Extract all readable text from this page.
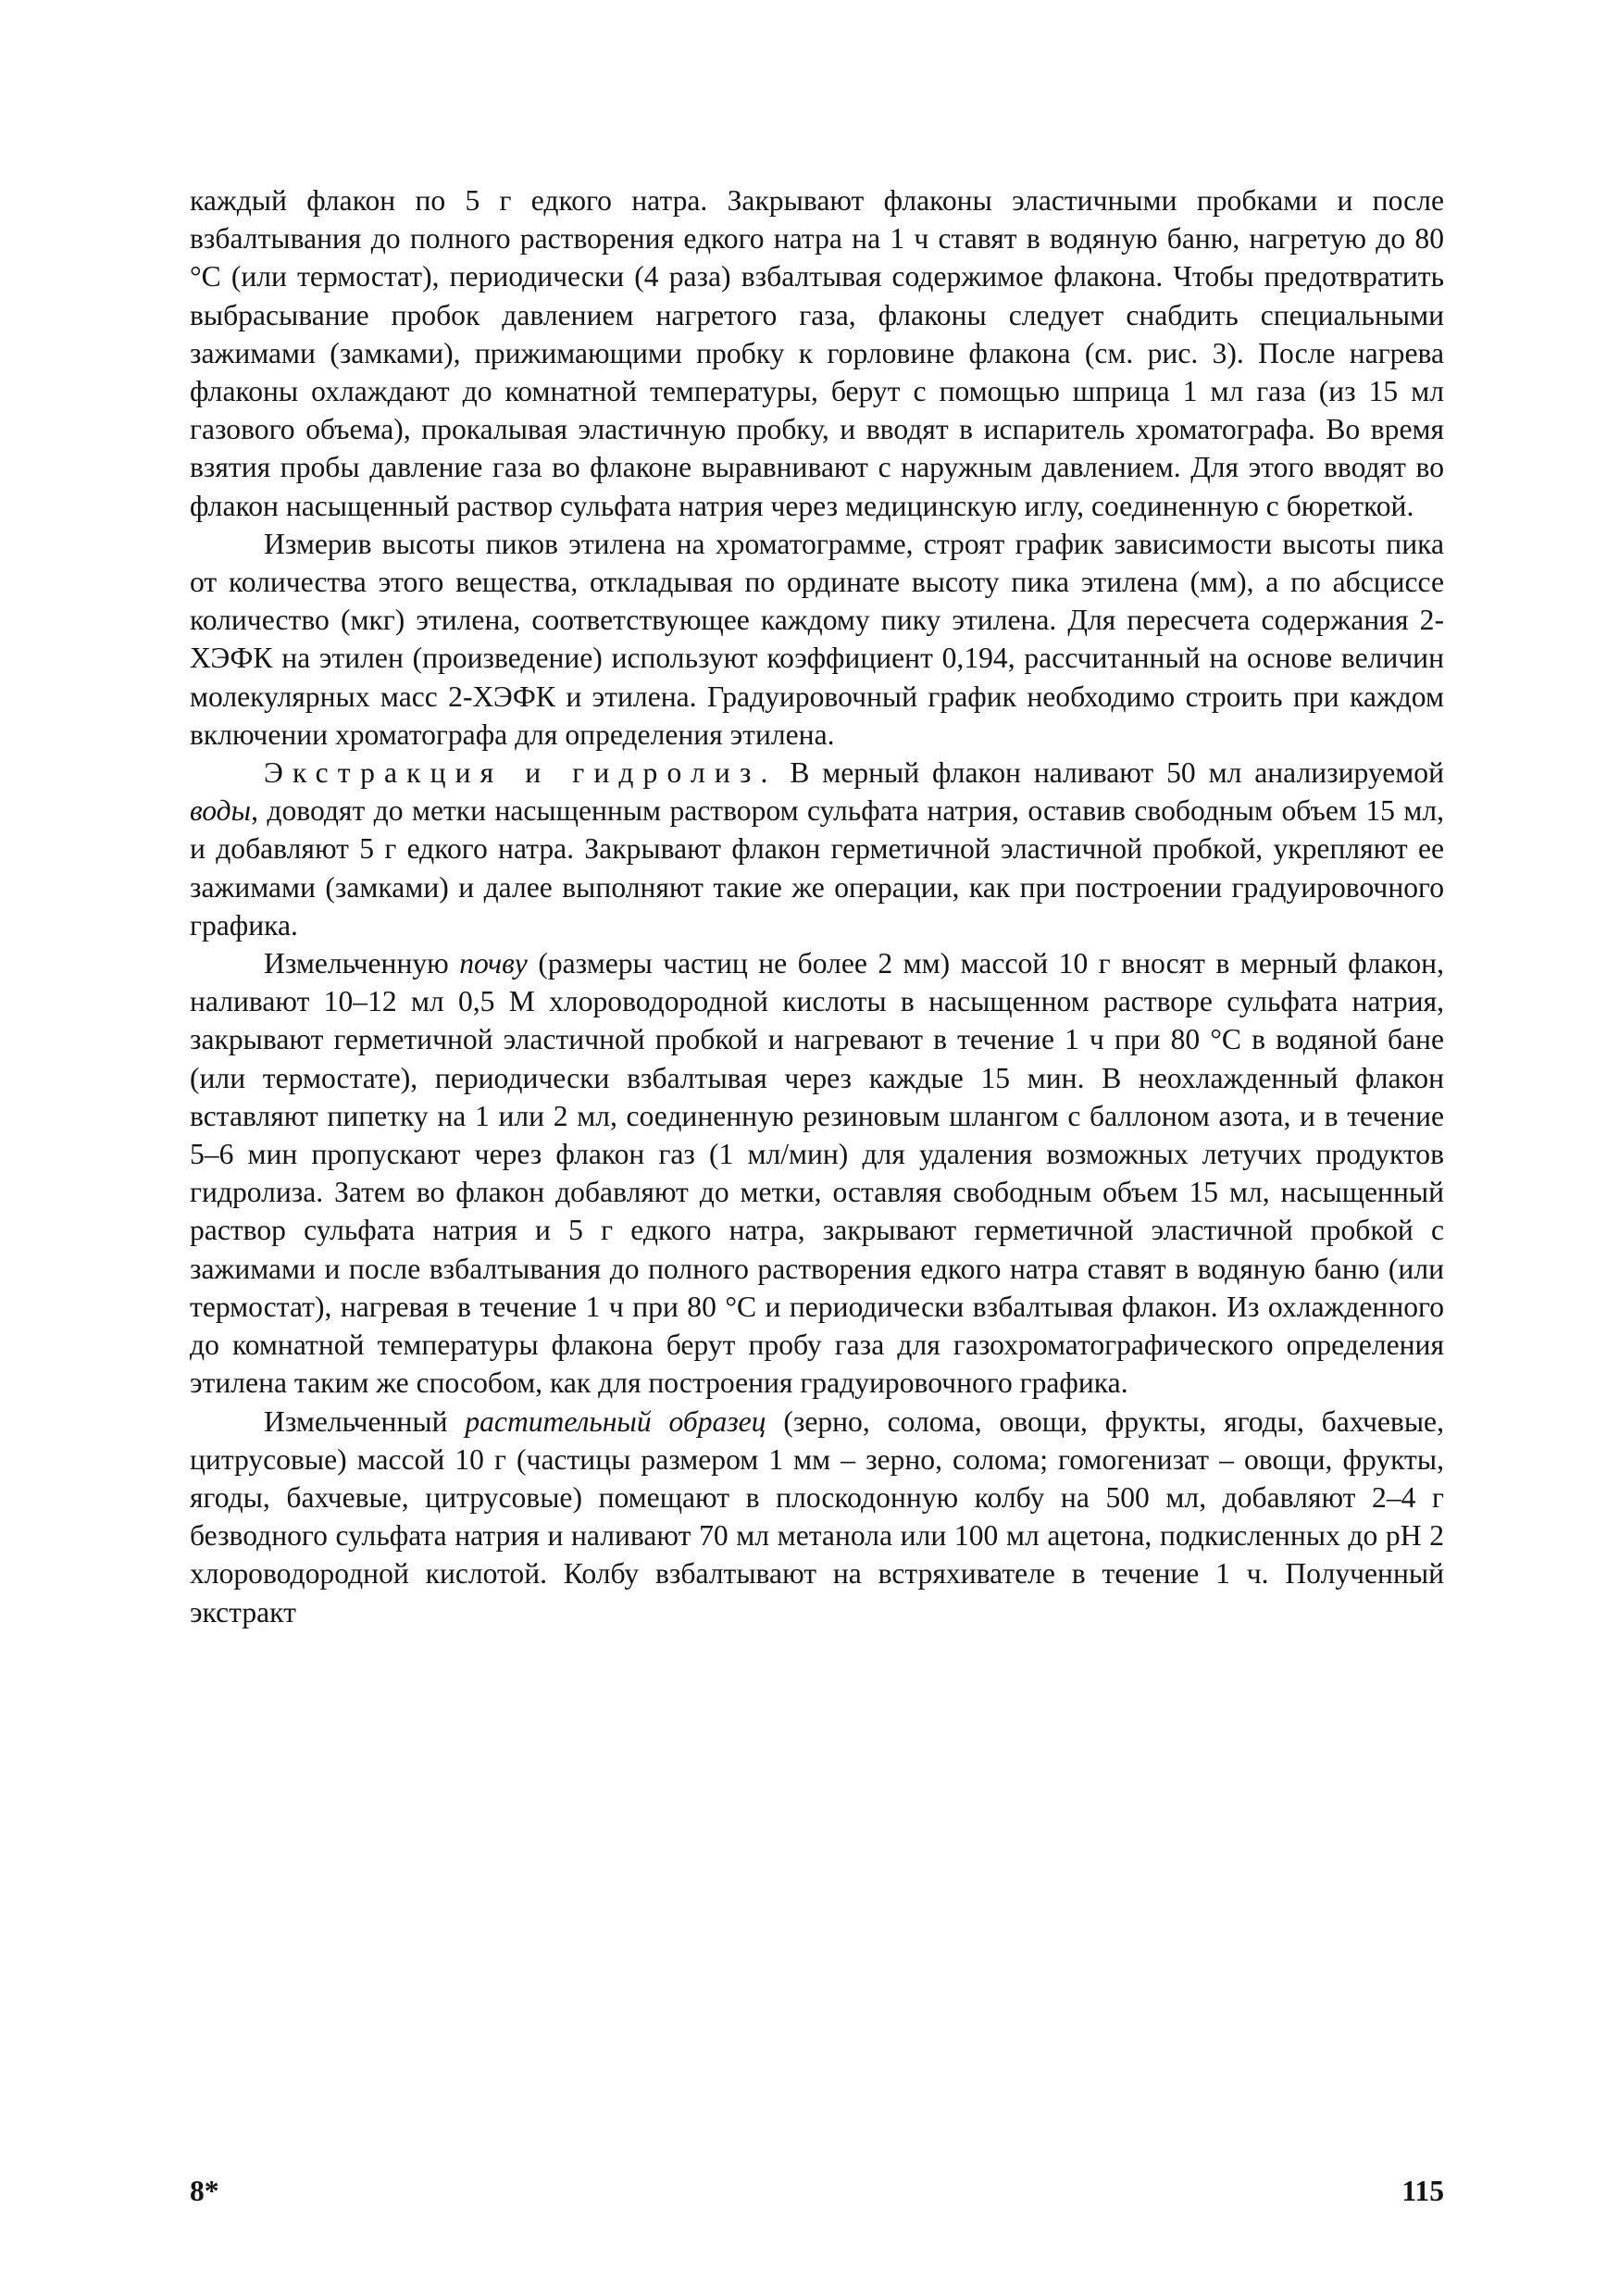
каждый флакон по 5 г едкого натра. Закрывают флаконы эластичными пробками и после взбалтывания до полного растворения едкого натра на 1 ч ставят в водяную баню, нагретую до 80 °С (или термостат), периодически (4 раза) взбалтывая содержимое флакона. Чтобы предотвратить выбрасывание пробок давлением нагретого газа, флаконы следует снабдить специальными зажимами (замками), прижимающими пробку к горловине флакона (см. рис. 3). После нагрева флаконы охлаждают до комнатной температуры, берут с помощью шприца 1 мл газа (из 15 мл газового объема), прокалывая эластичную пробку, и вводят в испаритель хроматографа. Во время взятия пробы давление газа во флаконе выравнивают с наружным давлением. Для этого вводят во флакон насыщенный раствор сульфата натрия через медицинскую иглу, соединенную с бюреткой.

Измерив высоты пиков этилена на хроматограмме, строят график зависимости высоты пика от количества этого вещества, откладывая по ординате высоту пика этилена (мм), а по абсциссе количество (мкг) этилена, соответствующее каждому пику этилена. Для пересчета содержания 2-ХЭФК на этилен (произведение) используют коэффициент 0,194, рассчитанный на основе величин молекулярных масс 2-ХЭФК и этилена. Градуировочный график необходимо строить при каждом включении хроматографа для определения этилена.

Экстракция и гидролиз. В мерный флакон наливают 50 мл анализируемой воды, доводят до метки насыщенным раствором сульфата натрия, оставив свободным объем 15 мл, и добавляют 5 г едкого натра. Закрывают флакон герметичной эластичной пробкой, укрепляют ее зажимами (замками) и далее выполняют такие же операции, как при построении градуировочного графика.

Измельченную почву (размеры частиц не более 2 мм) массой 10 г вносят в мерный флакон, наливают 10–12 мл 0,5 М хлороводородной кислоты в насыщенном растворе сульфата натрия, закрывают герметичной эластичной пробкой и нагревают в течение 1 ч при 80 °С в водяной бане (или термостате), периодически взбалтывая через каждые 15 мин. В неохлажденный флакон вставляют пипетку на 1 или 2 мл, соединенную резиновым шлангом с баллоном азота, и в течение 5–6 мин пропускают через флакон газ (1 мл/мин) для удаления возможных летучих продуктов гидролиза. Затем во флакон добавляют до метки, оставляя свободным объем 15 мл, насыщенный раствор сульфата натрия и 5 г едкого натра, закрывают герметичной эластичной пробкой с зажимами и после взбалтывания до полного растворения едкого натра ставят в водяную баню (или термостат), нагревая в течение 1 ч при 80 °С и периодически взбалтывая флакон. Из охлажденного до комнатной температуры флакона берут пробу газа для газохроматографического определения этилена таким же способом, как для построения градуировочного графика.

Измельченный растительный образец (зерно, солома, овощи, фрукты, ягоды, бахчевые, цитрусовые) массой 10 г (частицы размером 1 мм – зерно, солома; гомогенизат – овощи, фрукты, ягоды, бахчевые, цитрусовые) помещают в плоскодонную колбу на 500 мл, добавляют 2–4 г безводного сульфата натрия и наливают 70 мл метанола или 100 мл ацетона, подкисленных до рН 2 хлороводородной кислотой. Колбу взбалтывают на встряхивателе в течение 1 ч. Полученный экстракт

8*	115
